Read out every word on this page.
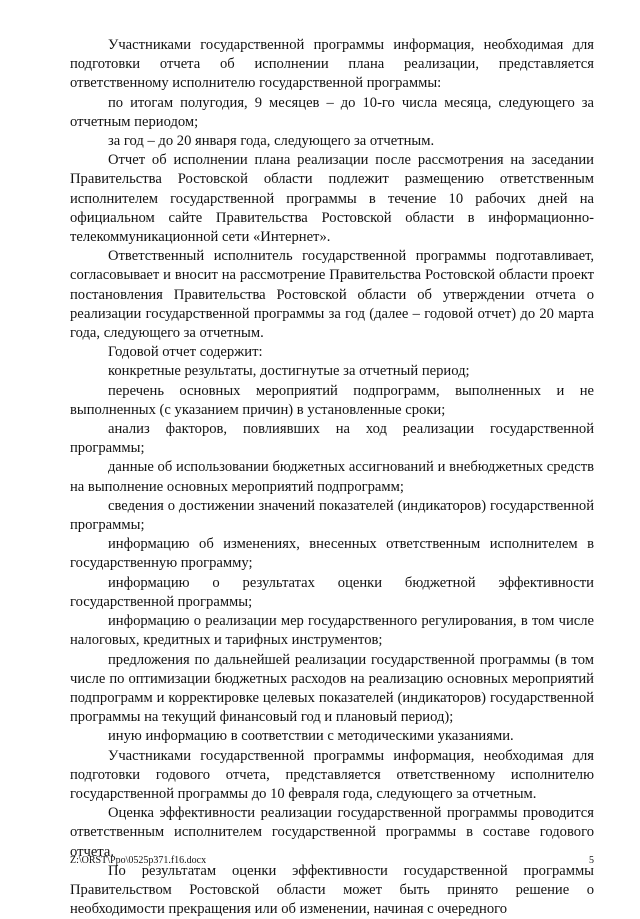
Участниками государственной программы информация, необходимая для подготовки отчета об исполнении плана реализации, представляется ответственному исполнителю государственной программы:

по итогам полугодия, 9 месяцев – до 10-го числа месяца, следующего за отчетным периодом;

за год – до 20 января года, следующего за отчетным.

Отчет об исполнении плана реализации после рассмотрения на заседании Правительства Ростовской области подлежит размещению ответственным исполнителем государственной программы в течение 10 рабочих дней на официальном сайте Правительства Ростовской области в информационно-телекоммуникационной сети «Интернет».

Ответственный исполнитель государственной программы подготавливает, согласовывает и вносит на рассмотрение Правительства Ростовской области проект постановления Правительства Ростовской области об утверждении отчета о реализации государственной программы за год (далее – годовой отчет) до 20 марта года, следующего за отчетным.

Годовой отчет содержит:

конкретные результаты, достигнутые за отчетный период;

перечень основных мероприятий подпрограмм, выполненных и не выполненных (с указанием причин) в установленные сроки;

анализ факторов, повлиявших на ход реализации государственной программы;

данные об использовании бюджетных ассигнований и внебюджетных средств на выполнение основных мероприятий подпрограмм;

сведения о достижении значений показателей (индикаторов) государственной программы;

информацию об изменениях, внесенных ответственным исполнителем в государственную программу;

информацию о результатах оценки бюджетной эффективности государственной программы;

информацию о реализации мер государственного регулирования, в том числе налоговых, кредитных и тарифных инструментов;

предложения по дальнейшей реализации государственной программы (в том числе по оптимизации бюджетных расходов на реализацию основных мероприятий подпрограмм и корректировке целевых показателей (индикаторов) государственной программы на текущий финансовый год и плановый период);

иную информацию в соответствии с методическими указаниями.

Участниками государственной программы информация, необходимая для подготовки годового отчета, представляется ответственному исполнителю государственной программы до 10 февраля года, следующего за отчетным.

Оценка эффективности реализации государственной программы проводится ответственным исполнителем государственной программы в составе годового отчета.

По результатам оценки эффективности государственной программы Правительством Ростовской области может быть принято решение о необходимости прекращения или об изменении, начиная с очередного

Z:\ORST\Ppo\0525p371.f16.docx	5
